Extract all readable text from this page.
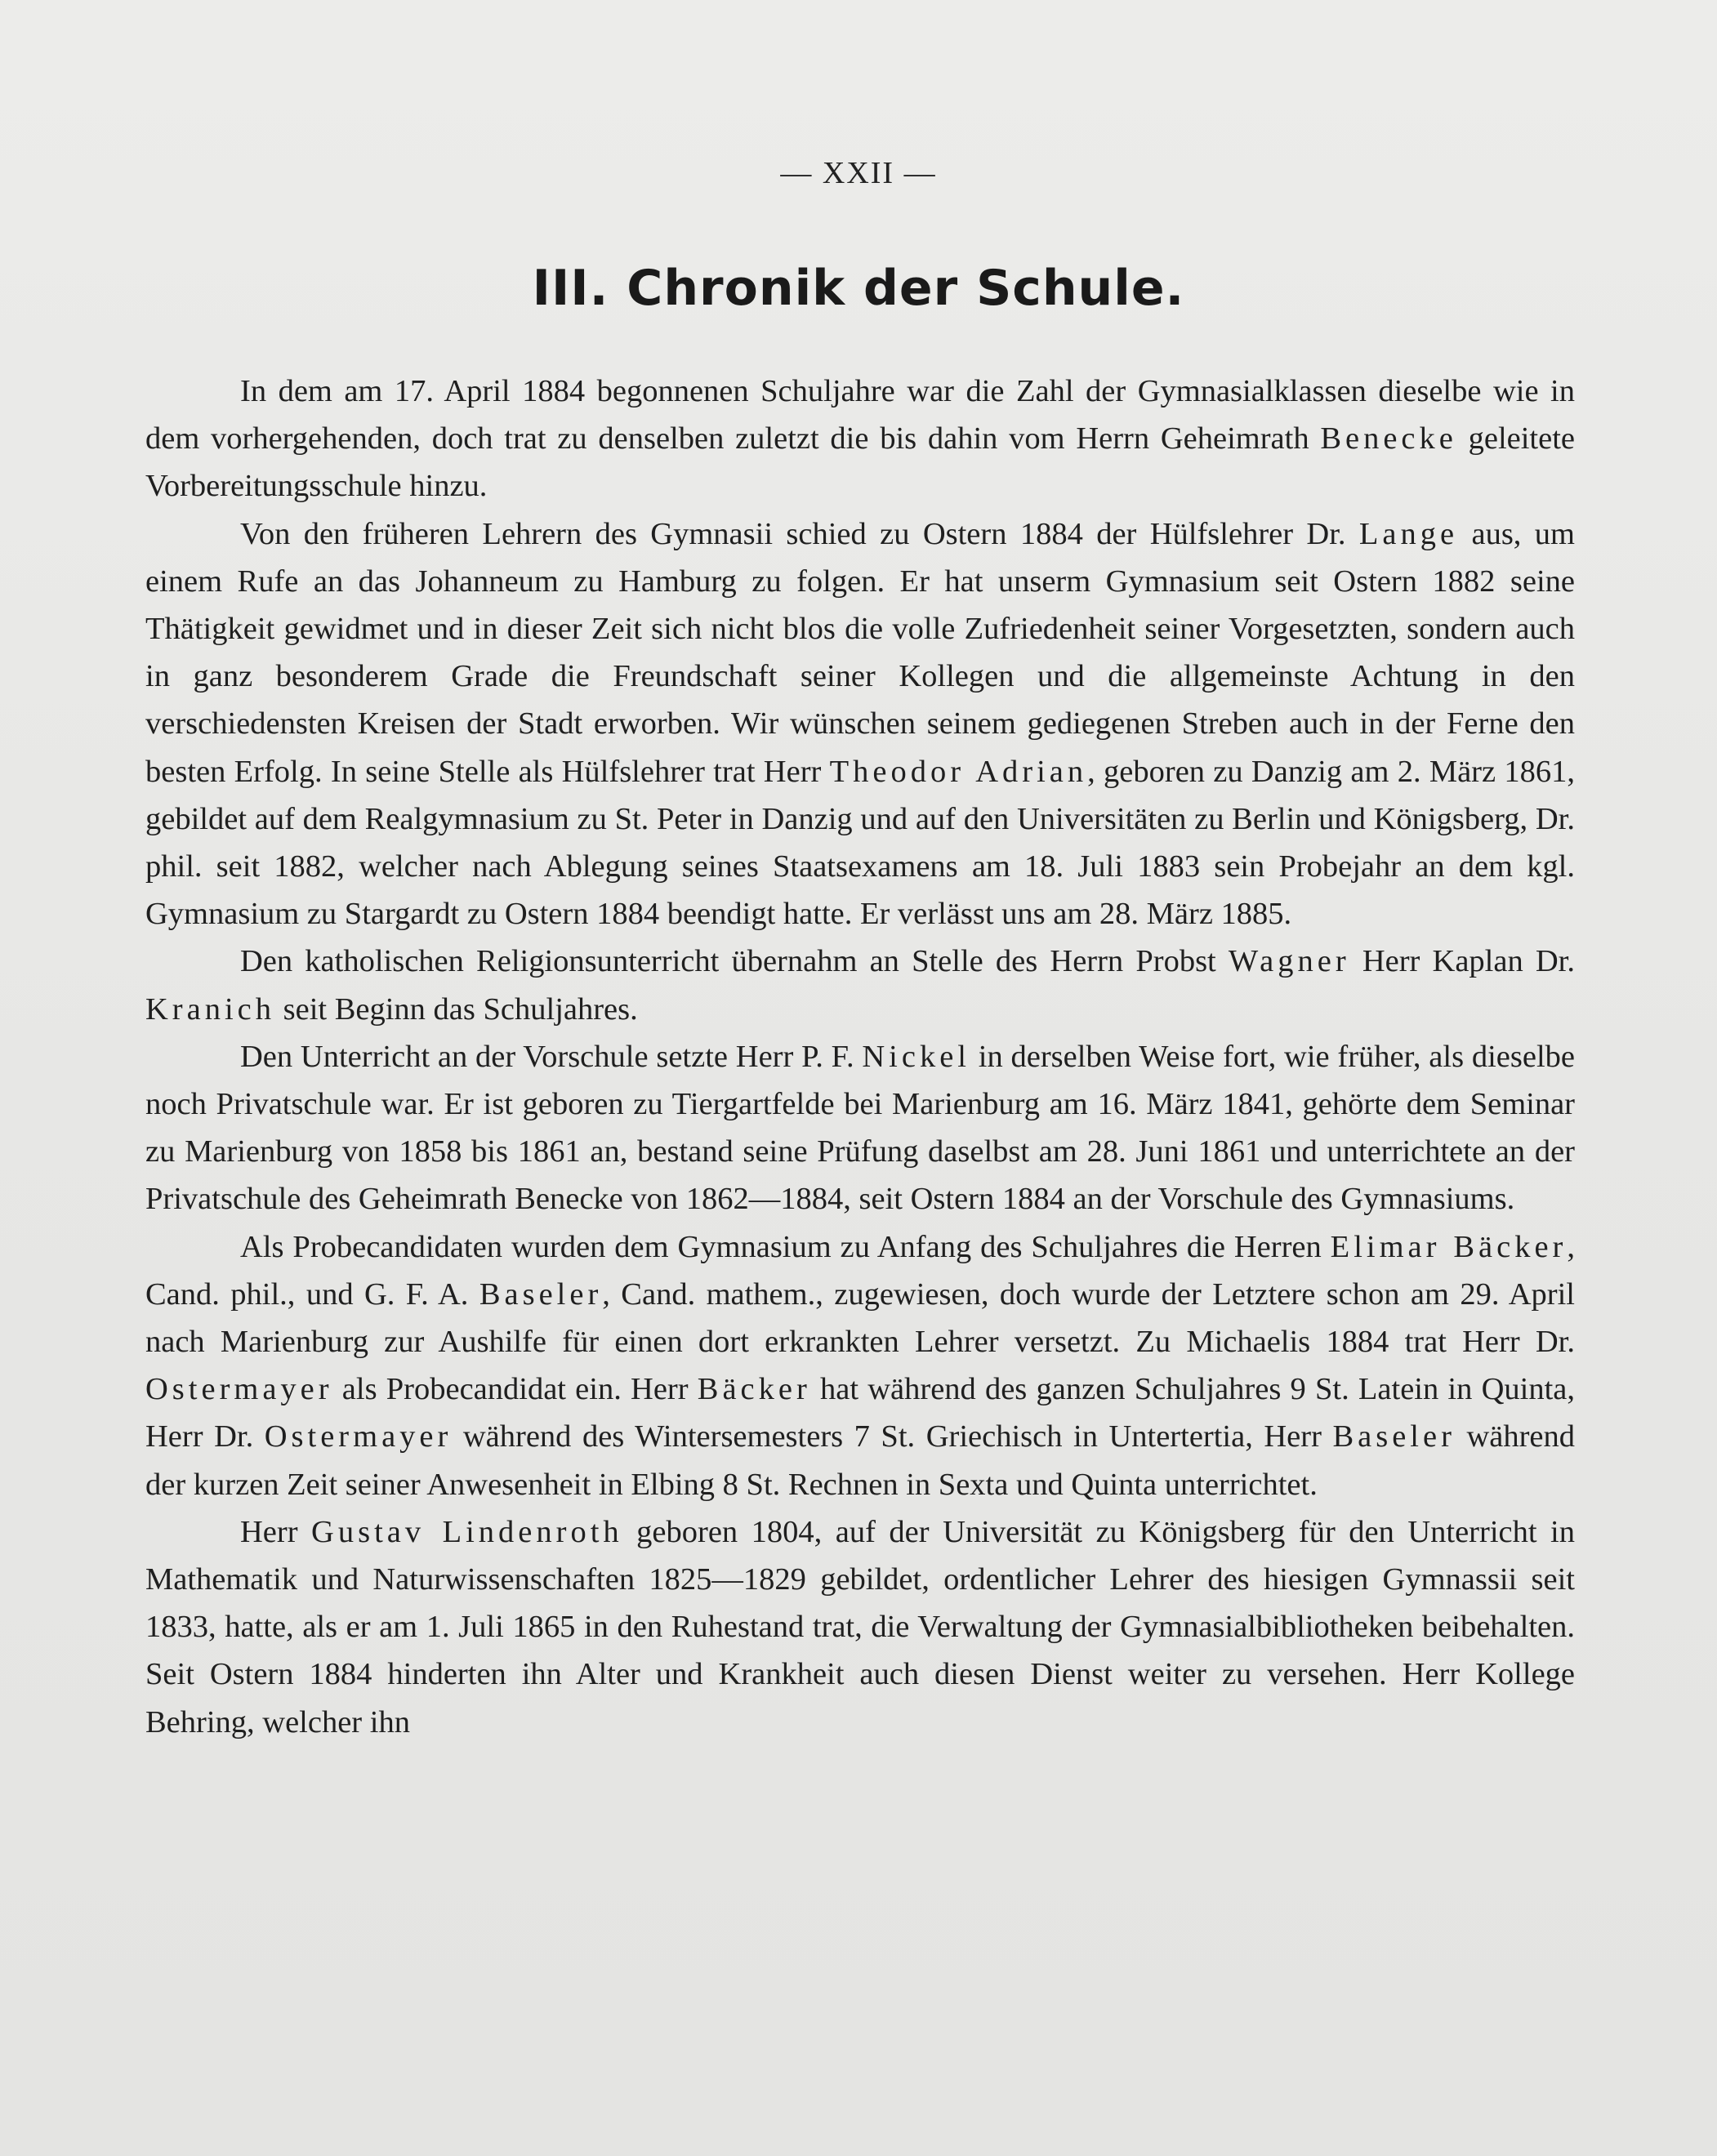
— XXII —
III. Chronik der Schule.

In dem am 17. April 1884 begonnenen Schuljahre war die Zahl der Gymnasialklassen dieselbe wie in dem vorhergehenden, doch trat zu denselben zuletzt die bis dahin vom Herrn Geheimrath Benecke geleitete Vorbereitungsschule hinzu.

Von den früheren Lehrern des Gymnasii schied zu Ostern 1884 der Hülfslehrer Dr. Lange aus, um einem Rufe an das Johanneum zu Hamburg zu folgen. Er hat unserm Gymnasium seit Ostern 1882 seine Thätigkeit gewidmet und in dieser Zeit sich nicht blos die volle Zufriedenheit seiner Vorgesetzten, sondern auch in ganz besonderem Grade die Freundschaft seiner Kollegen und die allgemeinste Achtung in den verschiedensten Kreisen der Stadt erworben. Wir wünschen seinem gediegenen Streben auch in der Ferne den besten Erfolg. In seine Stelle als Hülfslehrer trat Herr Theodor Adrian, geboren zu Danzig am 2. März 1861, gebildet auf dem Realgymnasium zu St. Peter in Danzig und auf den Universitäten zu Berlin und Königsberg, Dr. phil. seit 1882, welcher nach Ablegung seines Staatsexamens am 18. Juli 1883 sein Probejahr an dem kgl. Gymnasium zu Stargardt zu Ostern 1884 beendigt hatte. Er verlässt uns am 28. März 1885.

Den katholischen Religionsunterricht übernahm an Stelle des Herrn Probst Wagner Herr Kaplan Dr. Kranich seit Beginn das Schuljahres.

Den Unterricht an der Vorschule setzte Herr P. F. Nickel in derselben Weise fort, wie früher, als dieselbe noch Privatschule war. Er ist geboren zu Tiergartfelde bei Marienburg am 16. März 1841, gehörte dem Seminar zu Marienburg von 1858 bis 1861 an, bestand seine Prüfung daselbst am 28. Juni 1861 und unterrichtete an der Privatschule des Geheimrath Benecke von 1862—1884, seit Ostern 1884 an der Vorschule des Gymnasiums.

Als Probecandidaten wurden dem Gymnasium zu Anfang des Schuljahres die Herren Elimar Bäcker, Cand. phil., und G. F. A. Baseler, Cand. mathem., zugewiesen, doch wurde der Letztere schon am 29. April nach Marienburg zur Aushilfe für einen dort erkrankten Lehrer versetzt. Zu Michaelis 1884 trat Herr Dr. Ostermayer als Probecandidat ein. Herr Bäcker hat während des ganzen Schuljahres 9 St. Latein in Quinta, Herr Dr. Ostermayer während des Wintersemesters 7 St. Griechisch in Untertertia, Herr Baseler während der kurzen Zeit seiner Anwesenheit in Elbing 8 St. Rechnen in Sexta und Quinta unterrichtet.

Herr Gustav Lindenroth geboren 1804, auf der Universität zu Königsberg für den Unterricht in Mathematik und Naturwissenschaften 1825—1829 gebildet, ordentlicher Lehrer des hiesigen Gymnassii seit 1833, hatte, als er am 1. Juli 1865 in den Ruhestand trat, die Verwaltung der Gymnasialbibliotheken beibehalten. Seit Ostern 1884 hinderten ihn Alter und Krankheit auch diesen Dienst weiter zu versehen. Herr Kollege Behring, welcher ihn
